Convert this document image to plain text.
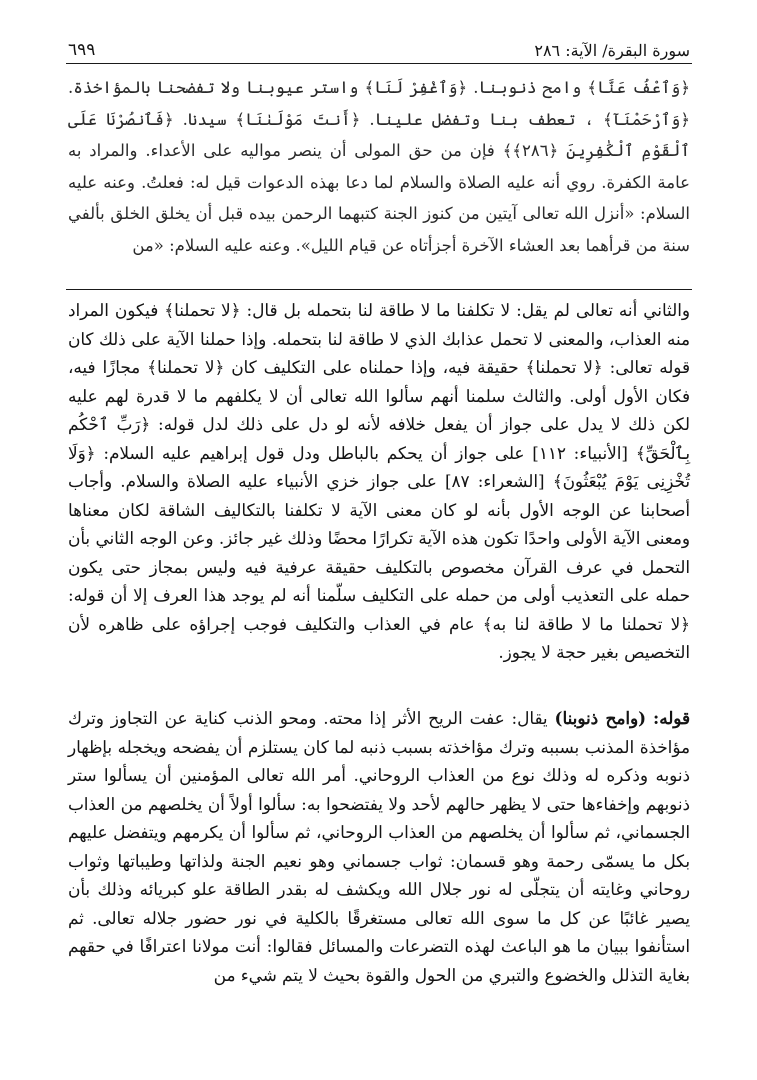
سورة البقرة/ الآية: ٢٨٦
٦٩٩

﴿وَٱعْفُ عَنَّا﴾ وامح ذنوبنا. ﴿وَٱغْفِرْ لَنَا﴾ واستر عيوبنا ولا تفضحنا بالمؤاخذة. ﴿وَٱرْحَمْنَآ﴾ ، تعطف بنا وتفضل علينا. ﴿أَنتَ مَوْلَىٰنَا﴾ سيدنا. ﴿فَٱنصُرْنَا عَلَى ٱلْقَوْمِ ٱلْكَٰفِرِينَ ﴿٢٨٦﴾﴾ فإن من حق المولى أن ينصر مواليه على الأعداء. والمراد به عامة الكفرة. روي أنه عليه الصلاة والسلام لما دعا بهذه الدعوات قيل له: فعلتُ. وعنه عليه السلام: «أنزل الله تعالى آيتين من كنوز الجنة كتبهما الرحمن بيده قبل أن يخلق الخلق بألفي سنة من قرأهما بعد العشاء الآخرة أجزأتاه عن قيام الليل». وعنه عليه السلام: «من

والثاني أنه تعالى لم يقل: لا تكلفنا ما لا طاقة لنا بتحمله بل قال: ﴿لا تحملنا﴾ فيكون المراد منه العذاب، والمعنى لا تحمل عذابك الذي لا طاقة لنا بتحمله. وإذا حملنا الآية على ذلك كان قوله تعالى: ﴿لا تحملنا﴾ حقيقة فيه، وإذا حملناه على التكليف كان ﴿لا تحملنا﴾ مجازًا فيه، فكان الأول أولى. والثالث سلمنا أنهم سألوا الله تعالى أن لا يكلفهم ما لا قدرة لهم عليه لكن ذلك لا يدل على جواز أن يفعل خلافه لأنه لو دل على ذلك لدل قوله: ﴿رَبِّ ٱحْكُم بِٱلْحَقِّ﴾ [الأنبياء: ١١٢] على جواز أن يحكم بالباطل ودل قول إبراهيم عليه السلام: ﴿وَلَا تُخْزِنِى يَوْمَ يُبْعَثُونَ﴾ [الشعراء: ٨٧] على جواز خزي الأنبياء عليه الصلاة والسلام. وأجاب أصحابنا عن الوجه الأول بأنه لو كان معنى الآية لا تكلفنا بالتكاليف الشاقة لكان معناها ومعنى الآية الأولى واحدًا تكون هذه الآية تكرارًا محضًا وذلك غير جائز. وعن الوجه الثاني بأن التحمل في عرف القرآن مخصوص بالتكليف حقيقة عرفية فيه وليس بمجاز حتى يكون حمله على التعذيب أولى من حمله على التكليف سلّمنا أنه لم يوجد هذا العرف إلا أن قوله: ﴿لا تحملنا ما لا طاقة لنا به﴾ عام في العذاب والتكليف فوجب إجراؤه على ظاهره لأن التخصيص بغير حجة لا يجوز.

قوله: (وامح ذنوبنا) يقال: عفت الريح الأثر إذا محته. ومحو الذنب كناية عن التجاوز وترك مؤاخذة المذنب بسببه وترك مؤاخذته بسبب ذنبه لما كان يستلزم أن يفضحه ويخجله بإظهار ذنوبه وذكره له وذلك نوع من العذاب الروحاني. أمر الله تعالى المؤمنين أن يسألوا ستر ذنوبهم وإخفاءها حتى لا يظهر حالهم لأحد ولا يفتضحوا به: سألوا أولاً أن يخلصهم من العذاب الجسماني، ثم سألوا أن يخلصهم من العذاب الروحاني، ثم سألوا أن يكرمهم ويتفضل عليهم بكل ما يسمّى رحمة وهو قسمان: ثواب جسماني وهو نعيم الجنة ولذاتها وطيباتها وثواب روحاني وغايته أن يتجلّى له نور جلال الله ويكشف له بقدر الطاقة علو كبريائه وذلك بأن يصير غائبًا عن كل ما سوى الله تعالى مستغرقًا بالكلية في نور حضور جلاله تعالى. ثم استأنفوا ببيان ما هو الباعث لهذه التضرعات والمسائل فقالوا: أنت مولانا اعترافًا في حقهم بغاية التذلل والخضوع والتبري من الحول والقوة بحيث لا يتم شيء من
